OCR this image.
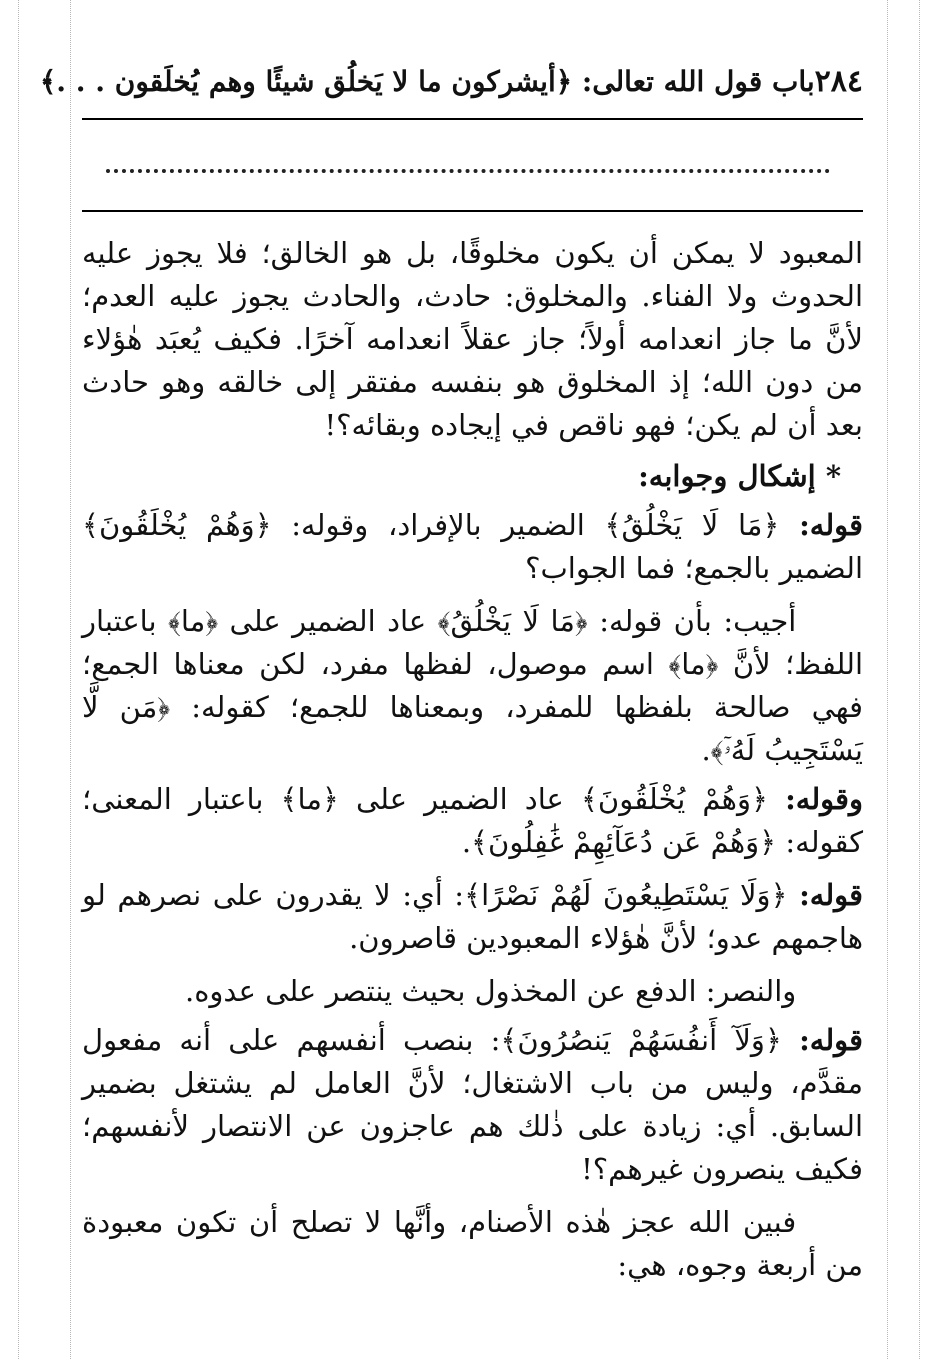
٢٨٤
باب قول الله تعالى: ﴿أيشركون ما لا يَخلُق شيئًا وهم يُخلَقون . . .﴾

المعبود لا يمكن أن يكون مخلوقًا، بل هو الخالق؛ فلا يجوز عليه الحدوث ولا الفناء. والمخلوق: حادث، والحادث يجوز عليه العدم؛ لأنَّ ما جاز انعدامه أولاً؛ جاز عقلاً انعدامه آخرًا. فكيف يُعبَد هٰؤلاء من دون الله؛ إذ المخلوق هو بنفسه مفتقر إلى خالقه وهو حادث بعد أن لم يكن؛ فهو ناقص في إيجاده وبقائه؟!

* إشكال وجوابه:

قوله: ﴿مَا لَا يَخْلُقُ﴾ الضمير بالإفراد، وقوله: ﴿وَهُمْ يُخْلَقُونَ﴾ الضمير بالجمع؛ فما الجواب؟

أجيب: بأن قوله: ﴿مَا لَا يَخْلُقُ﴾ عاد الضمير على ﴿ما﴾ باعتبار اللفظ؛ لأنَّ ﴿ما﴾ اسم موصول، لفظها مفرد، لكن معناها الجمع؛ فهي صالحة بلفظها للمفرد، وبمعناها للجمع؛ كقوله: ﴿مَن لَّا يَسْتَجِيبُ لَهُۥٓ﴾.

وقوله: ﴿وَهُمْ يُخْلَقُونَ﴾ عاد الضمير على ﴿ما﴾ باعتبار المعنى؛ كقوله: ﴿وَهُمْ عَن دُعَآئِهِمْ غَٰفِلُونَ﴾.

قوله: ﴿وَلَا يَسْتَطِيعُونَ لَهُمْ نَصْرًا﴾: أي: لا يقدرون على نصرهم لو هاجمهم عدو؛ لأنَّ هٰؤلاء المعبودين قاصرون.

والنصر: الدفع عن المخذول بحيث ينتصر على عدوه.

قوله: ﴿وَلَآ أَنفُسَهُمْ يَنصُرُونَ﴾: بنصب أنفسهم على أنه مفعول مقدَّم، وليس من باب الاشتغال؛ لأنَّ العامل لم يشتغل بضمير السابق. أي: زيادة على ذٰلك هم عاجزون عن الانتصار لأنفسهم؛ فكيف ينصرون غيرهم؟!

فبين الله عجز هٰذه الأصنام، وأنَّها لا تصلح أن تكون معبودة من أربعة وجوه، هي:
